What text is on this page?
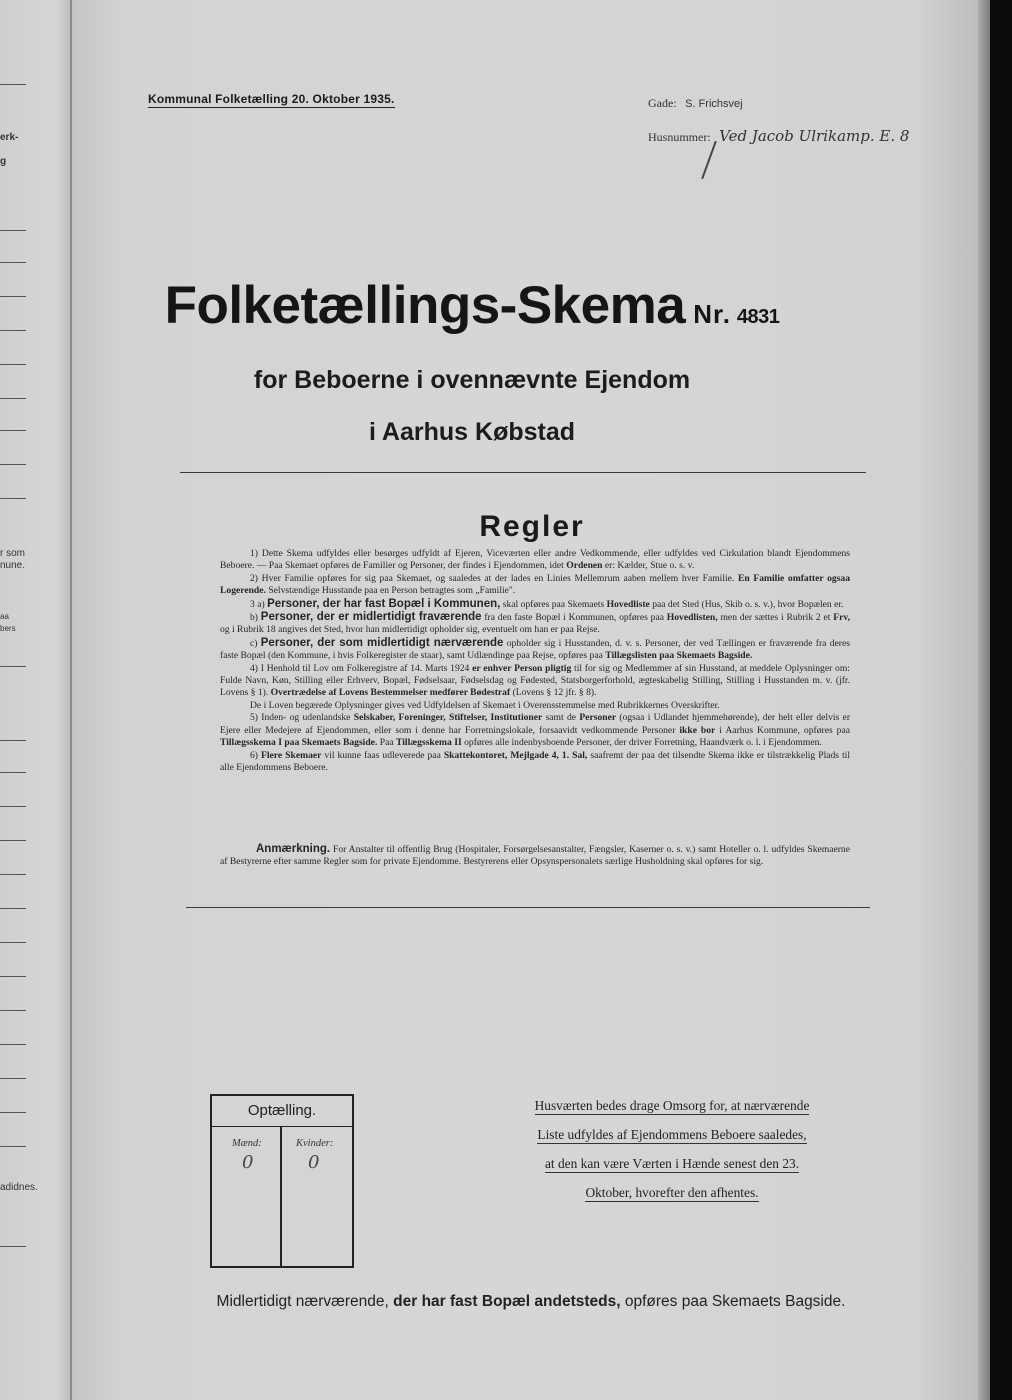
erk-
g
r som
nune.
aa
bers
adidnes.
Kommunal Folketælling 20. Oktober 1935.	Gade: S. Frichsvej
Husnummer: Ved Jacob Ulrikamp. E. 8
Folketællings-Skema Nr. 4831
for Beboerne i ovennævnte Ejendom
i Aarhus Købstad
Regler

1) Dette Skema udfyldes eller besørges udfyldt af Ejeren, Viceværten eller andre Vedkommende, eller udfyldes ved Cirkulation blandt Ejendommens Beboere. — Paa Skemaet opføres de Familier og Personer, der findes i Ejendommen, idet Ordenen er: Kælder, Stue o. s. v.

2) Hver Familie opføres for sig paa Skemaet, og saaledes at der lades en Linies Mellemrum aaben mellem hver Familie. En Familie omfatter ogsaa Logerende. Selvstændige Husstande paa en Person betragtes som „Familie".

3 a) Personer, der har fast Bopæl i Kommunen, skal opføres paa Skemaets Hovedliste paa det Sted (Hus, Skib o. s. v.), hvor Bopælen er.

b) Personer, der er midlertidigt fraværende fra den faste Bopæl i Kommunen, opføres paa Hovedlisten, men der sættes i Rubrik 2 et Frv, og i Rubrik 18 angives det Sted, hvor han midlertidigt opholder sig, eventuelt om han er paa Rejse.

c) Personer, der som midlertidigt nærværende opholder sig i Husstanden, d. v. s. Personer, der ved Tællingen er fraværende fra deres faste Bopæl (den Kommune, i hvis Folkeregister de staar), samt Udlændinge paa Rejse, opføres paa Tillægslisten paa Skemaets Bagside.

4) I Henhold til Lov om Folkeregistre af 14. Marts 1924 er enhver Person pligtig til for sig og Medlemmer af sin Husstand, at meddele Oplysninger om: Fulde Navn, Køn, Stilling eller Erhverv, Bopæl, Fødselsaar, Fødselsdag og Fødested, Statsborgerforhold, ægteskabelig Stilling, Stilling i Husstanden m. v. (jfr. Lovens § 1). Overtrædelse af Lovens Bestemmelser medfører Bødestraf (Lovens § 12 jfr. § 8).

De i Loven begærede Oplysninger gives ved Udfyldelsen af Skemaet i Overensstemmelse med Rubrikkernes Overskrifter.

5) Inden- og udenlandske Selskaber, Foreninger, Stiftelser, Institutioner samt de Personer (ogsaa i Udlandet hjemmehørende), der helt eller delvis er Ejere eller Medejere af Ejendommen, eller som i denne har Forretningslokale, forsaavidt vedkommende Personer ikke bor i Aarhus Kommune, opføres paa Tillægsskema I paa Skemaets Bagside. Paa Tillægsskema II opføres alle indenbysboende Personer, der driver Forretning, Haandværk o. l. i Ejendommen.

6) Flere Skemaer vil kunne faas udleverede paa Skattekontoret, Mejlgade 4, 1. Sal, saafremt der paa det tilsendte Skema ikke er tilstrækkelig Plads til alle Ejendommens Beboere.

Anmærkning. For Anstalter til offentlig Brug (Hospitaler, Forsørgelsesanstalter, Fængsler, Kaserner o. s. v.) samt Hoteller o. l. udfyldes Skemaerne af Bestyrerne efter samme Regler som for private Ejendomme. Bestyrerens eller Opsynspersonalets særlige Husholdning skal opføres for sig.

Optælling.
Mænd:	Kvinder:
0	0
Husværten bedes drage Omsorg for, at nærværende
Liste udfyldes af Ejendommens Beboere saaledes,
at den kan være Værten i Hænde senest den 23.
Oktober, hvorefter den afhentes.
Midlertidigt nærværende, der har fast Bopæl andetsteds, opføres paa Skemaets Bagside.
